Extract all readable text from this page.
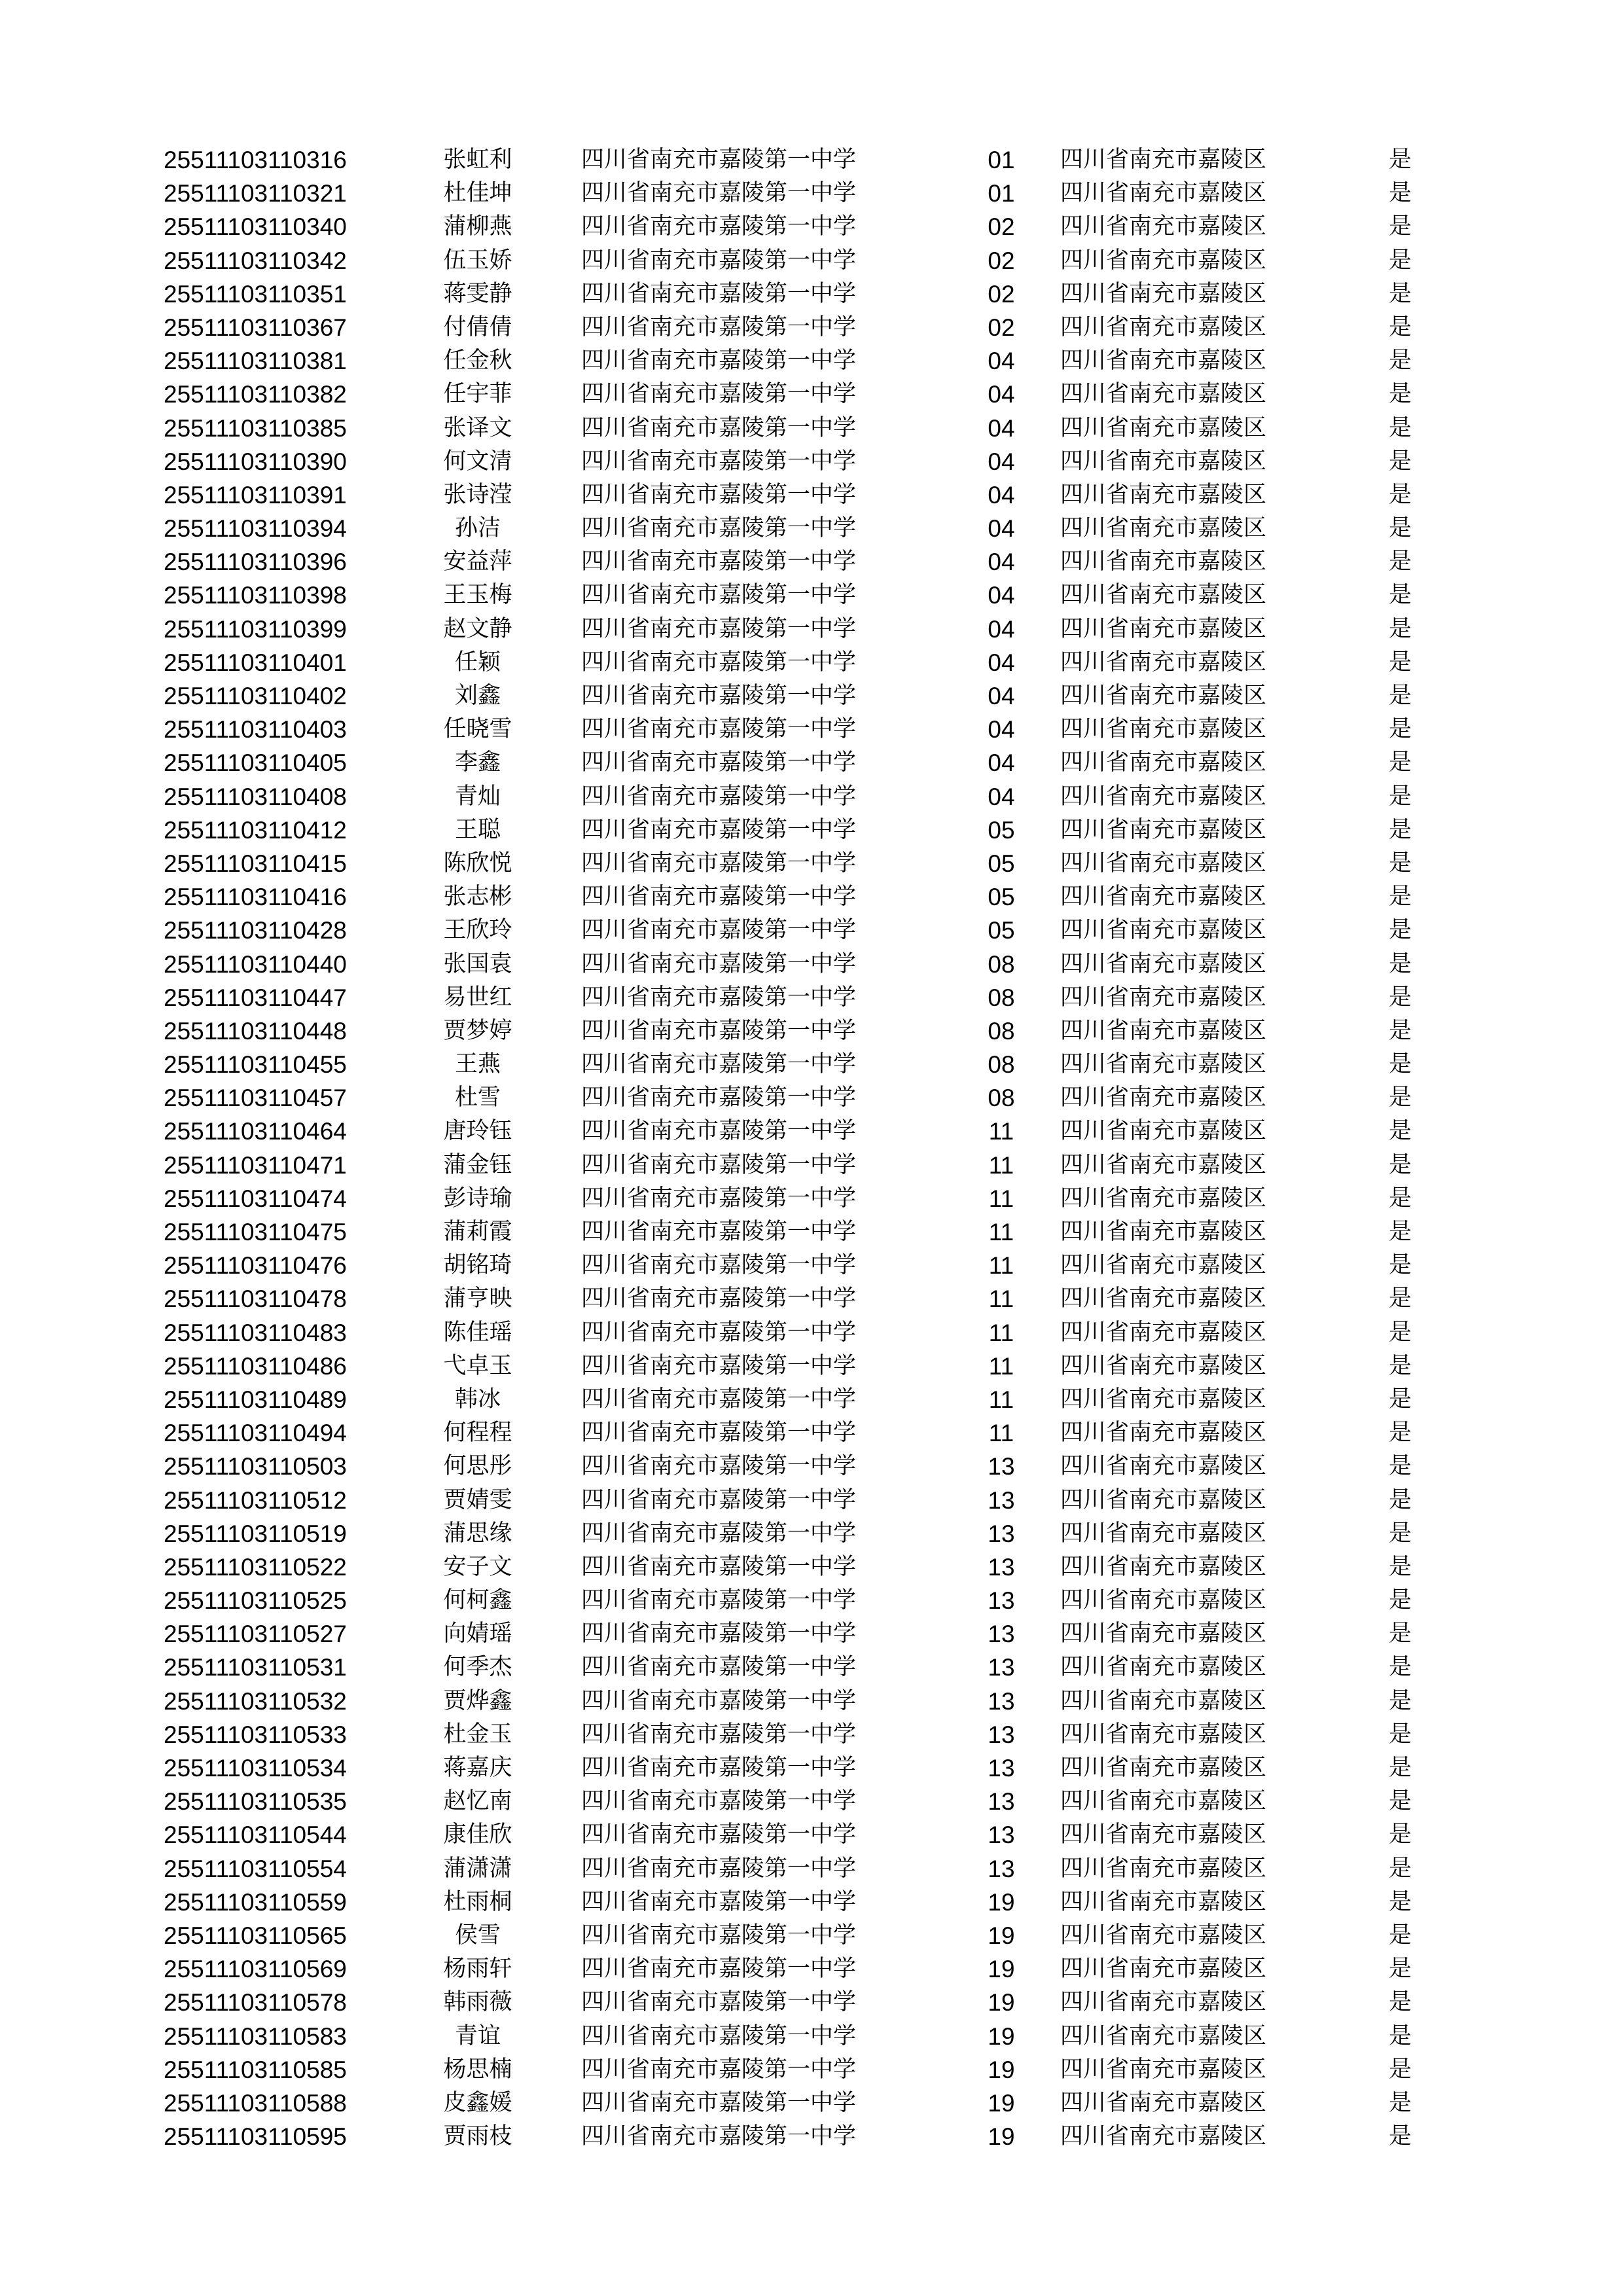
25511103110316	张虹利	四川省南充市嘉陵第一中学	01	四川省南充市嘉陵区	是
25511103110321	杜佳坤	四川省南充市嘉陵第一中学	01	四川省南充市嘉陵区	是
25511103110340	蒲柳燕	四川省南充市嘉陵第一中学	02	四川省南充市嘉陵区	是
25511103110342	伍玉娇	四川省南充市嘉陵第一中学	02	四川省南充市嘉陵区	是
25511103110351	蒋雯静	四川省南充市嘉陵第一中学	02	四川省南充市嘉陵区	是
25511103110367	付倩倩	四川省南充市嘉陵第一中学	02	四川省南充市嘉陵区	是
25511103110381	任金秋	四川省南充市嘉陵第一中学	04	四川省南充市嘉陵区	是
25511103110382	任宇菲	四川省南充市嘉陵第一中学	04	四川省南充市嘉陵区	是
25511103110385	张译文	四川省南充市嘉陵第一中学	04	四川省南充市嘉陵区	是
25511103110390	何文清	四川省南充市嘉陵第一中学	04	四川省南充市嘉陵区	是
25511103110391	张诗滢	四川省南充市嘉陵第一中学	04	四川省南充市嘉陵区	是
25511103110394	孙洁	四川省南充市嘉陵第一中学	04	四川省南充市嘉陵区	是
25511103110396	安益萍	四川省南充市嘉陵第一中学	04	四川省南充市嘉陵区	是
25511103110398	王玉梅	四川省南充市嘉陵第一中学	04	四川省南充市嘉陵区	是
25511103110399	赵文静	四川省南充市嘉陵第一中学	04	四川省南充市嘉陵区	是
25511103110401	任颖	四川省南充市嘉陵第一中学	04	四川省南充市嘉陵区	是
25511103110402	刘鑫	四川省南充市嘉陵第一中学	04	四川省南充市嘉陵区	是
25511103110403	任晓雪	四川省南充市嘉陵第一中学	04	四川省南充市嘉陵区	是
25511103110405	李鑫	四川省南充市嘉陵第一中学	04	四川省南充市嘉陵区	是
25511103110408	青灿	四川省南充市嘉陵第一中学	04	四川省南充市嘉陵区	是
25511103110412	王聪	四川省南充市嘉陵第一中学	05	四川省南充市嘉陵区	是
25511103110415	陈欣悦	四川省南充市嘉陵第一中学	05	四川省南充市嘉陵区	是
25511103110416	张志彬	四川省南充市嘉陵第一中学	05	四川省南充市嘉陵区	是
25511103110428	王欣玲	四川省南充市嘉陵第一中学	05	四川省南充市嘉陵区	是
25511103110440	张国袁	四川省南充市嘉陵第一中学	08	四川省南充市嘉陵区	是
25511103110447	易世红	四川省南充市嘉陵第一中学	08	四川省南充市嘉陵区	是
25511103110448	贾梦婷	四川省南充市嘉陵第一中学	08	四川省南充市嘉陵区	是
25511103110455	王燕	四川省南充市嘉陵第一中学	08	四川省南充市嘉陵区	是
25511103110457	杜雪	四川省南充市嘉陵第一中学	08	四川省南充市嘉陵区	是
25511103110464	唐玲钰	四川省南充市嘉陵第一中学	11	四川省南充市嘉陵区	是
25511103110471	蒲金钰	四川省南充市嘉陵第一中学	11	四川省南充市嘉陵区	是
25511103110474	彭诗瑜	四川省南充市嘉陵第一中学	11	四川省南充市嘉陵区	是
25511103110475	蒲莉霞	四川省南充市嘉陵第一中学	11	四川省南充市嘉陵区	是
25511103110476	胡铭琦	四川省南充市嘉陵第一中学	11	四川省南充市嘉陵区	是
25511103110478	蒲亨映	四川省南充市嘉陵第一中学	11	四川省南充市嘉陵区	是
25511103110483	陈佳瑶	四川省南充市嘉陵第一中学	11	四川省南充市嘉陵区	是
25511103110486	弋卓玉	四川省南充市嘉陵第一中学	11	四川省南充市嘉陵区	是
25511103110489	韩冰	四川省南充市嘉陵第一中学	11	四川省南充市嘉陵区	是
25511103110494	何程程	四川省南充市嘉陵第一中学	11	四川省南充市嘉陵区	是
25511103110503	何思彤	四川省南充市嘉陵第一中学	13	四川省南充市嘉陵区	是
25511103110512	贾婧雯	四川省南充市嘉陵第一中学	13	四川省南充市嘉陵区	是
25511103110519	蒲思缘	四川省南充市嘉陵第一中学	13	四川省南充市嘉陵区	是
25511103110522	安子文	四川省南充市嘉陵第一中学	13	四川省南充市嘉陵区	是
25511103110525	何柯鑫	四川省南充市嘉陵第一中学	13	四川省南充市嘉陵区	是
25511103110527	向婧瑶	四川省南充市嘉陵第一中学	13	四川省南充市嘉陵区	是
25511103110531	何季杰	四川省南充市嘉陵第一中学	13	四川省南充市嘉陵区	是
25511103110532	贾烨鑫	四川省南充市嘉陵第一中学	13	四川省南充市嘉陵区	是
25511103110533	杜金玉	四川省南充市嘉陵第一中学	13	四川省南充市嘉陵区	是
25511103110534	蒋嘉庆	四川省南充市嘉陵第一中学	13	四川省南充市嘉陵区	是
25511103110535	赵忆南	四川省南充市嘉陵第一中学	13	四川省南充市嘉陵区	是
25511103110544	康佳欣	四川省南充市嘉陵第一中学	13	四川省南充市嘉陵区	是
25511103110554	蒲潇潇	四川省南充市嘉陵第一中学	13	四川省南充市嘉陵区	是
25511103110559	杜雨桐	四川省南充市嘉陵第一中学	19	四川省南充市嘉陵区	是
25511103110565	侯雪	四川省南充市嘉陵第一中学	19	四川省南充市嘉陵区	是
25511103110569	杨雨轩	四川省南充市嘉陵第一中学	19	四川省南充市嘉陵区	是
25511103110578	韩雨薇	四川省南充市嘉陵第一中学	19	四川省南充市嘉陵区	是
25511103110583	青谊	四川省南充市嘉陵第一中学	19	四川省南充市嘉陵区	是
25511103110585	杨思楠	四川省南充市嘉陵第一中学	19	四川省南充市嘉陵区	是
25511103110588	皮鑫媛	四川省南充市嘉陵第一中学	19	四川省南充市嘉陵区	是
25511103110595	贾雨枝	四川省南充市嘉陵第一中学	19	四川省南充市嘉陵区	是
